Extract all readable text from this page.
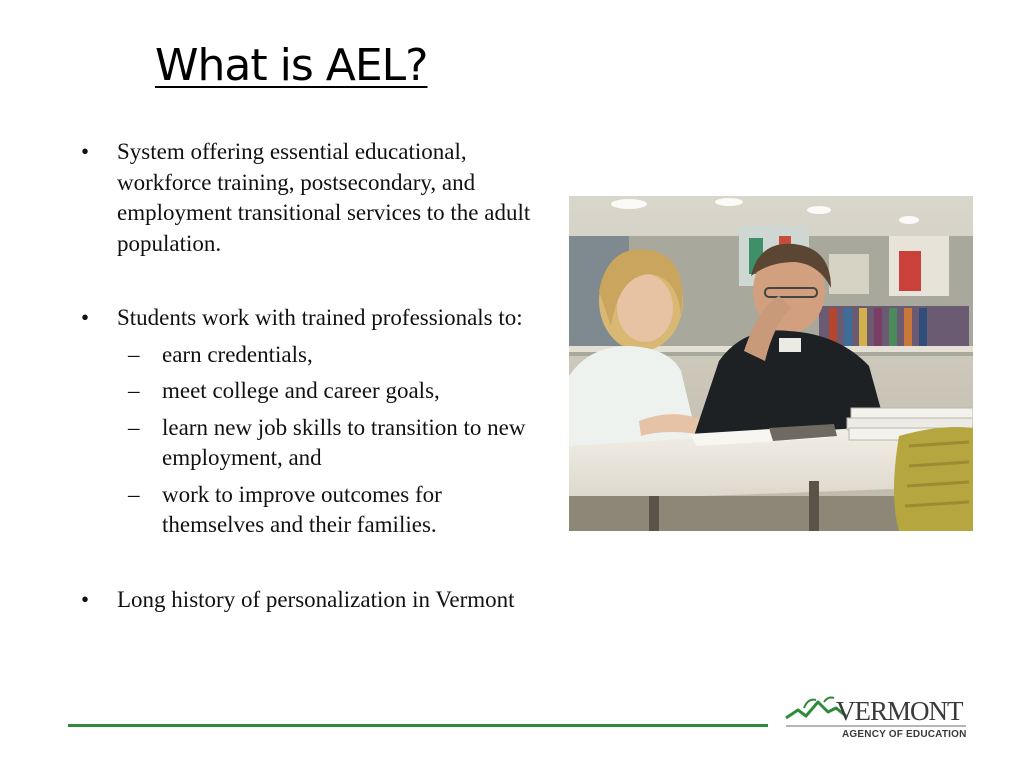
What is AEL?
• System offering essential educational, workforce training, postsecondary, and employment transitional services to the adult population.
• Students work with trained professionals to:
– earn credentials,
– meet college and career goals,
– learn new job skills to transition to new employment, and
– work to improve outcomes for themselves and their families.
• Long history of personalization in Vermont
VERMONT
AGENCY OF EDUCATION
